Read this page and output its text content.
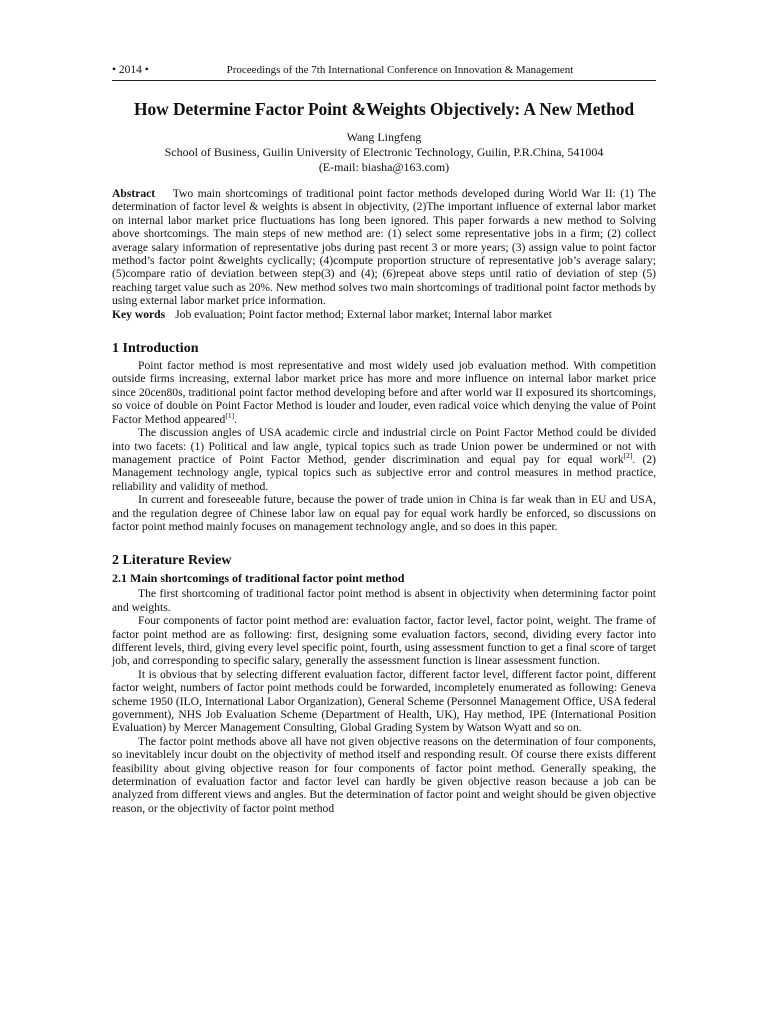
• 2014 •	Proceedings of the 7th International Conference on Innovation & Management
How Determine Factor Point &Weights Objectively: A New Method
Wang Lingfeng
School of Business, Guilin University of Electronic Technology, Guilin, P.R.China, 541004
(E-mail: biasha@163.com)
Abstract Two main shortcomings of traditional point factor methods developed during World War II: (1) The determination of factor level & weights is absent in objectivity, (2)The important influence of external labor market on internal labor market price fluctuations has long been ignored. This paper forwards a new method to Solving above shortcomings. The main steps of new method are: (1) select some representative jobs in a firm; (2) collect average salary information of representative jobs during past recent 3 or more years; (3) assign value to point factor method’s factor point &weights cyclically; (4)compute proportion structure of representative job’s average salary; (5)compare ratio of deviation between step(3) and (4); (6)repeat above steps until ratio of deviation of step (5) reaching target value such as 20%. New method solves two main shortcomings of traditional point factor methods by using external labor market price information.
Key words Job evaluation; Point factor method; External labor market; Internal labor market
1 Introduction

Point factor method is most representative and most widely used job evaluation method. With competition outside firms increasing, external labor market price has more and more influence on internal labor market price since 20cen80s, traditional point factor method developing before and after world war II exposured its shortcomings, so voice of double on Point Factor Method is louder and louder, even radical voice which denying the value of Point Factor Method appeared[1].

The discussion angles of USA academic circle and industrial circle on Point Factor Method could be divided into two facets: (1) Political and law angle, typical topics such as trade Union power be undermined or not with management practice of Point Factor Method, gender discrimination and equal pay for equal work[2]. (2) Management technology angle, typical topics such as subjective error and control measures in method practice, reliability and validity of method.

In current and foreseeable future, because the power of trade union in China is far weak than in EU and USA, and the regulation degree of Chinese labor law on equal pay for equal work hardly be enforced, so discussions on factor point method mainly focuses on management technology angle, and so does in this paper.

2 Literature Review
2.1 Main shortcomings of traditional factor point method

The first shortcoming of traditional factor point method is absent in objectivity when determining factor point and weights.

Four components of factor point method are: evaluation factor, factor level, factor point, weight. The frame of factor point method are as following: first, designing some evaluation factors, second, dividing every factor into different levels, third, giving every level specific point, fourth, using assessment function to get a final score of target job, and corresponding to specific salary, generally the assessment function is linear assessment function.

It is obvious that by selecting different evaluation factor, different factor level, different factor point, different factor weight, numbers of factor point methods could be forwarded, incompletely enumerated as following: Geneva scheme 1950 (ILO, International Labor Organization), General Scheme (Personnel Management Office, USA federal government), NHS Job Evaluation Scheme (Department of Health, UK), Hay method, IPE (International Position Evaluation) by Mercer Management Consulting, Global Grading System by Watson Wyatt and so on.

The factor point methods above all have not given objective reasons on the determination of four components, so inevitablely incur doubt on the objectivity of method itself and responding result. Of course there exists different feasibility about giving objective reason for four components of factor point method. Generally speaking, the determination of evaluation factor and factor level can hardly be given objective reason because a job can be analyzed from different views and angles. But the determination of factor point and weight should be given objective reason, or the objectivity of factor point method
